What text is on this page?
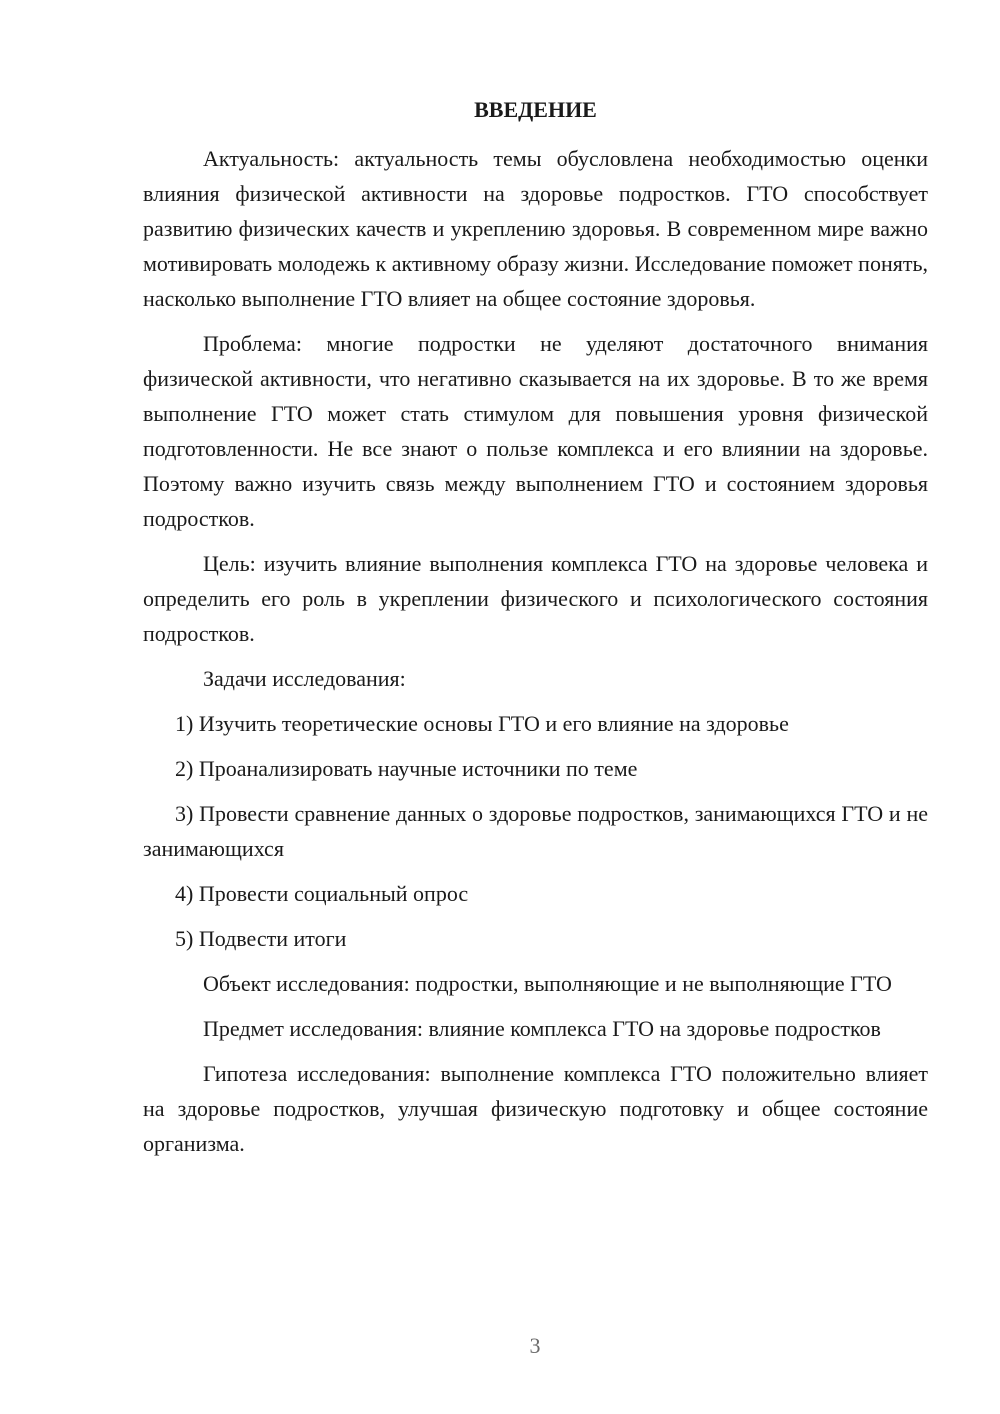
ВВЕДЕНИЕ

Актуальность: актуальность темы обусловлена необходимостью оценки влияния физической активности на здоровье подростков. ГТО способствует развитию физических качеств и укреплению здоровья. В современном мире важно мотивировать молодежь к активному образу жизни. Исследование поможет понять, насколько выполнение ГТО влияет на общее состояние здоровья.

Проблема: многие подростки не уделяют достаточного внимания физической активности, что негативно сказывается на их здоровье. В то же время выполнение ГТО может стать стимулом для повышения уровня физической подготовленности. Не все знают о пользе комплекса и его влиянии на здоровье. Поэтому важно изучить связь между выполнением ГТО и состоянием здоровья подростков.

Цель: изучить влияние выполнения комплекса ГТО на здоровье человека и определить его роль в укреплении физического и психологического состояния подростков.

Задачи исследования:

1) Изучить теоретические основы ГТО и его влияние на здоровье

2) Проанализировать научные источники по теме

3) Провести сравнение данных о здоровье подростков, занимающихся ГТО и не занимающихся

4) Провести социальный опрос

5) Подвести итоги

Объект исследования: подростки, выполняющие и не выполняющие ГТО

Предмет исследования: влияние комплекса ГТО на здоровье подростков

Гипотеза исследования: выполнение комплекса ГТО положительно влияет на здоровье подростков, улучшая физическую подготовку и общее состояние организма.

3
